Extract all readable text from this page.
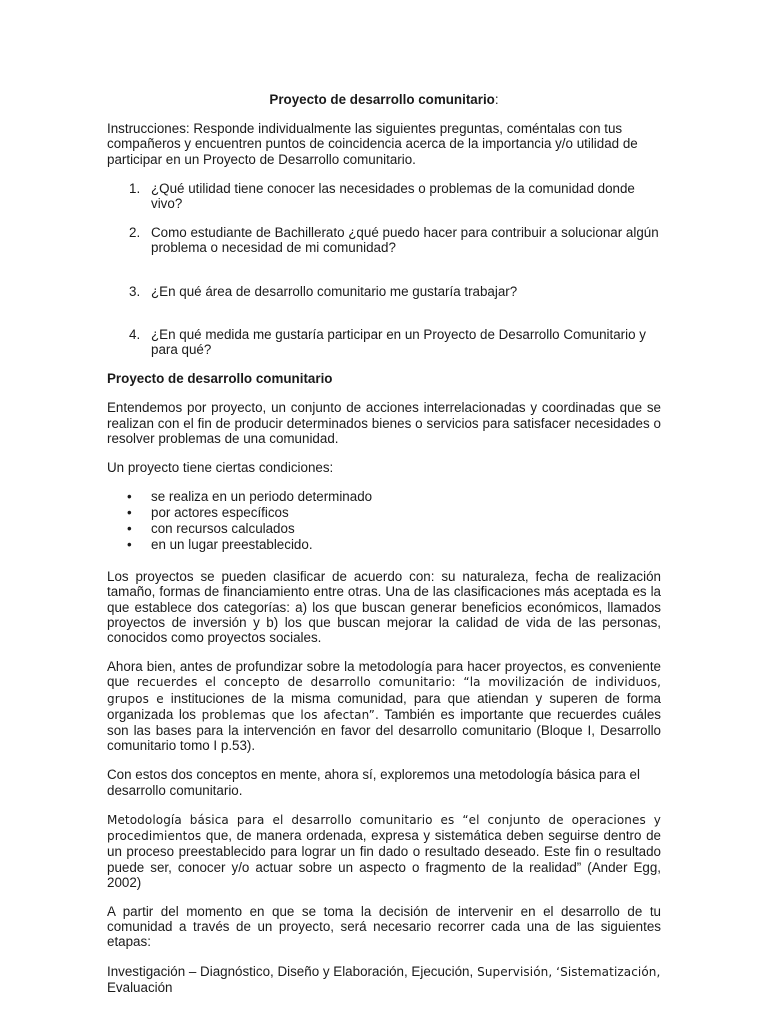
Proyecto de desarrollo comunitario:

Instrucciones: Responde individualmente las siguientes preguntas, coméntalas con tus compañeros y encuentren puntos de coincidencia acerca de la importancia y/o utilidad de participar en un Proyecto de Desarrollo comunitario.

1. ¿Qué utilidad tiene conocer las necesidades o problemas de la comunidad donde vivo?
2. Como estudiante de Bachillerato ¿qué puedo hacer para contribuir a solucionar algún problema o necesidad de mi comunidad?
3. ¿En qué área de desarrollo comunitario me gustaría trabajar?
4. ¿En qué medida me gustaría participar en un Proyecto de Desarrollo Comunitario y para qué?
Proyecto de desarrollo comunitario

Entendemos por proyecto, un conjunto de acciones interrelacionadas y coordinadas que se realizan con el fin de producir determinados bienes o servicios para satisfacer necesidades o resolver problemas de una comunidad.

Un proyecto tiene ciertas condiciones:

• se realiza en un periodo determinado
• por actores específicos
• con recursos calculados
• en un lugar preestablecido.

Los proyectos se pueden clasificar de acuerdo con: su naturaleza, fecha de realización tamaño, formas de financiamiento entre otras. Una de las clasificaciones más aceptada es la que establece dos categorías: a) los que buscan generar beneficios económicos, llamados proyectos de inversión y b) los que buscan mejorar la calidad de vida de las personas, conocidos como proyectos sociales.

Ahora bien, antes de profundizar sobre la metodología para hacer proyectos, es conveniente que recuerdes el concepto de desarrollo comunitario: “la movilización de individuos, grupos e instituciones de la misma comunidad, para que atiendan y superen de forma organizada los problemas que los afectan”. También es importante que recuerdes cuáles son las bases para la intervención en favor del desarrollo comunitario (Bloque I, Desarrollo comunitario tomo I p.53).

Con estos dos conceptos en mente, ahora sí, exploremos una metodología básica para el desarrollo comunitario.

Metodología básica para el desarrollo comunitario es “el conjunto de operaciones y procedimientos que, de manera ordenada, expresa y sistemática deben seguirse dentro de un proceso preestablecido para lograr un fin dado o resultado deseado. Este fin o resultado puede ser, conocer y/o actuar sobre un aspecto o fragmento de la realidad” (Ander Egg, 2002)

A partir del momento en que se toma la decisión de intervenir en el desarrollo de tu comunidad a través de un proyecto, será necesario recorrer cada una de las siguientes etapas:

Investigación – Diagnóstico, Diseño y Elaboración, Ejecución, Supervisión, ‘Sistematización, Evaluación
